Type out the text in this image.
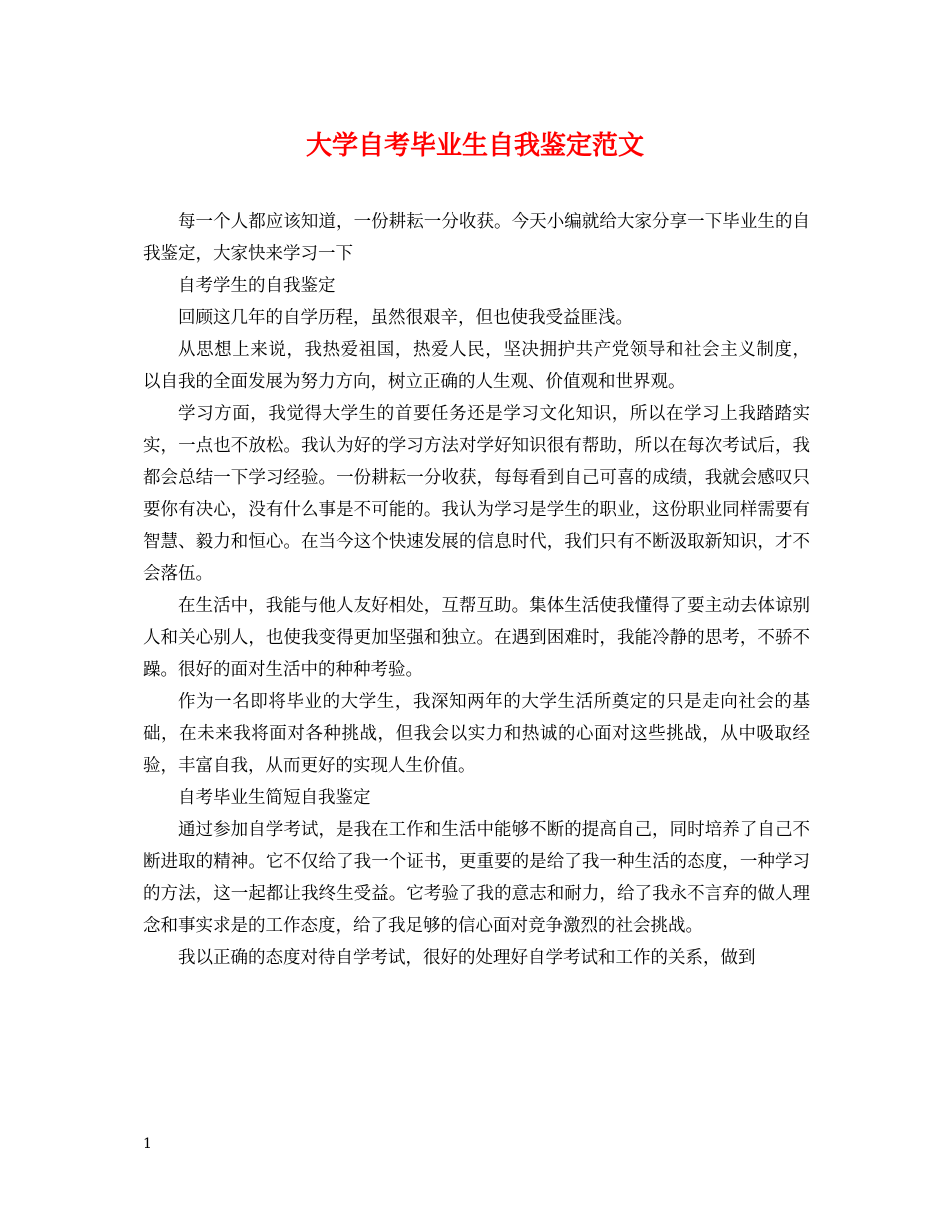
大学自考毕业生自我鉴定范文

每一个人都应该知道，一份耕耘一分收获。今天小编就给大家分享一下毕业生的自我鉴定，大家快来学习一下

自考学生的自我鉴定

回顾这几年的自学历程，虽然很艰辛，但也使我受益匪浅。

从思想上来说，我热爱祖国，热爱人民，坚决拥护共产党领导和社会主义制度， 以自我的全面发展为努力方向，树立正确的人生观、价值观和世界观。

学习方面，我觉得大学生的首要任务还是学习文化知识，所以在学习上我踏踏实实，一点也不放松。我认为好的学习方法对学好知识很有帮助，所以在每次考试后，我都会总结一下学习经验。一份耕耘一分收获，每每看到自己可喜的成绩，我就会感叹只要你有决心，没有什么事是不可能的。我认为学习是学生的职业，这份职业同样需要有智慧、毅力和恒心。在当今这个快速发展的信息时代，我们只有不断汲取新知识，才不会落伍。

在生活中，我能与他人友好相处，互帮互助。集体生活使我懂得了要主动去体谅别人和关心别人，也使我变得更加坚强和独立。在遇到困难时，我能冷静的思考，不骄不躁。很好的面对生活中的种种考验。

作为一名即将毕业的大学生，我深知两年的大学生活所奠定的只是走向社会的基础，在未来我将面对各种挑战，但我会以实力和热诚的心面对这些挑战，从中吸取经验，丰富自我，从而更好的实现人生价值。

自考毕业生简短自我鉴定

通过参加自学考试，是我在工作和生活中能够不断的提高自己，同时培养了自己不断进取的精神。它不仅给了我一个证书，更重要的是给了我一种生活的态度，一种学习的方法，这一起都让我终生受益。它考验了我的意志和耐力，给了我永不言弃的做人理念和事实求是的工作态度，给了我足够的信心面对竞争激烈的社会挑战。

我以正确的态度对待自学考试，很好的处理好自学考试和工作的关系，做到

1
